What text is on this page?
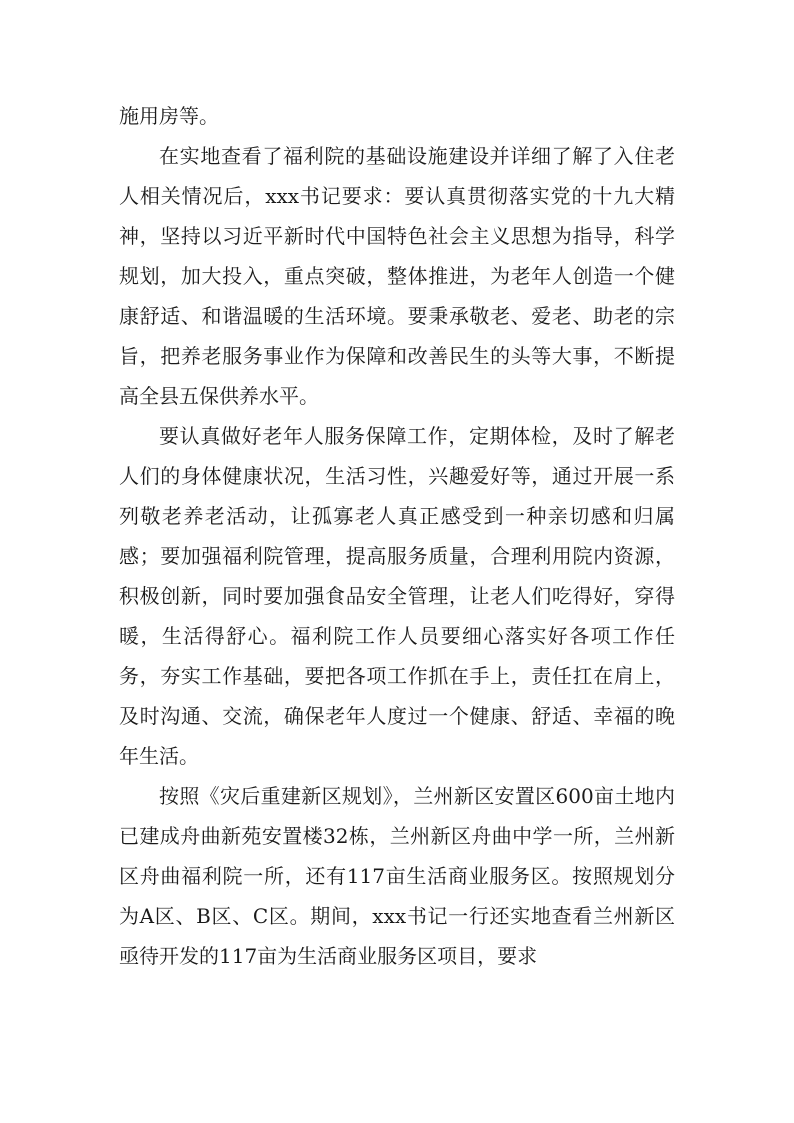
施用房等。

在实地查看了福利院的基础设施建设并详细了解了入住老人相关情况后，xxx书记要求：要认真贯彻落实党的十九大精神，坚持以习近平新时代中国特色社会主义思想为指导，科学规划，加大投入，重点突破，整体推进，为老年人创造一个健康舒适、和谐温暖的生活环境。要秉承敬老、爱老、助老的宗旨，把养老服务事业作为保障和改善民生的头等大事，不断提高全县五保供养水平。

要认真做好老年人服务保障工作，定期体检，及时了解老人们的身体健康状况，生活习性，兴趣爱好等，通过开展一系列敬老养老活动，让孤寡老人真正感受到一种亲切感和归属感；要加强福利院管理，提高服务质量，合理利用院内资源，积极创新，同时要加强食品安全管理，让老人们吃得好，穿得暖，生活得舒心。福利院工作人员要细心落实好各项工作任务，夯实工作基础，要把各项工作抓在手上，责任扛在肩上，及时沟通、交流，确保老年人度过一个健康、舒适、幸福的晚年生活。

按照《灾后重建新区规划》，兰州新区安置区600亩土地内已建成舟曲新苑安置楼32栋，兰州新区舟曲中学一所，兰州新区舟曲福利院一所，还有117亩生活商业服务区。按照规划分为A区、B区、C区。期间，xxx书记一行还实地查看兰州新区亟待开发的117亩为生活商业服务区项目，要求
